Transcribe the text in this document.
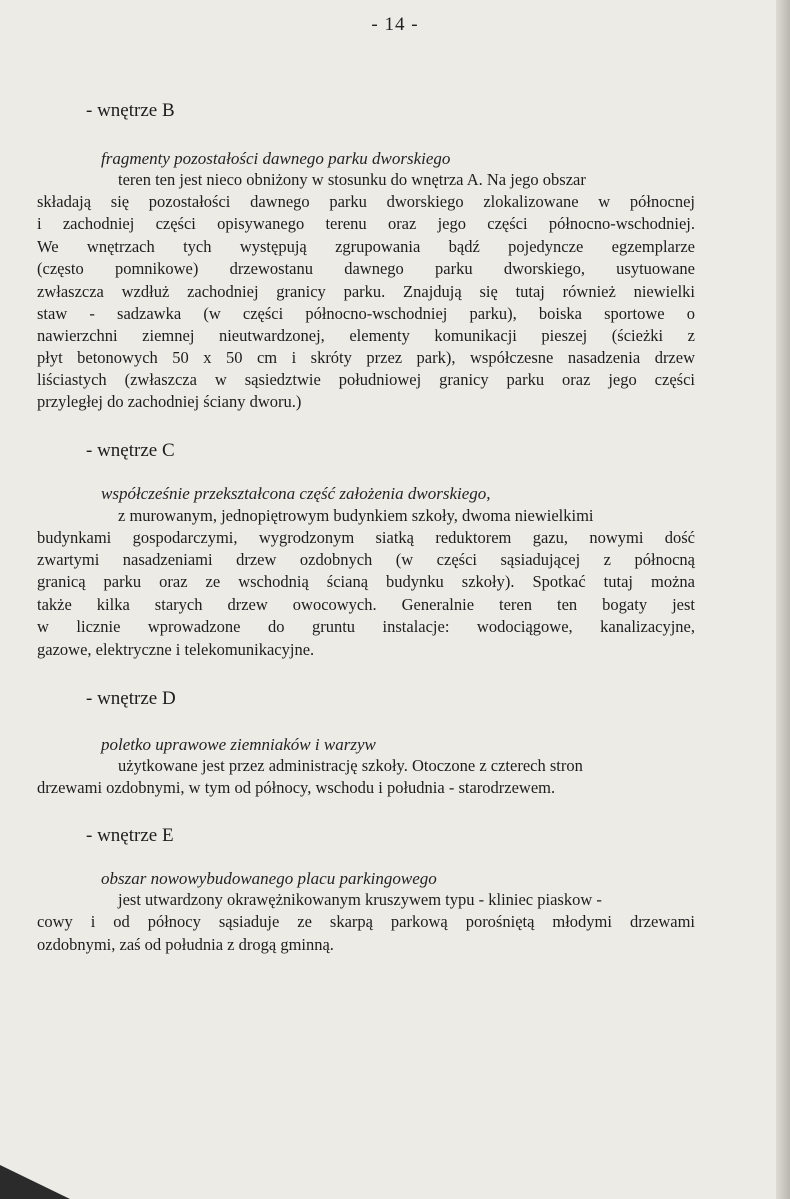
- 14 -
- wnętrze B
fragmenty pozostałości dawnego parku dworskiego
teren ten jest nieco obniżony w stosunku do wnętrza A. Na jego obszar
składają się pozostałości dawnego parku dworskiego zlokalizowane w północnej
i zachodniej części opisywanego terenu oraz jego części północno-wschodniej.
We wnętrzach tych występują zgrupowania bądź pojedyncze egzemplarze
(często pomnikowe) drzewostanu dawnego parku dworskiego, usytuowane
zwłaszcza wzdłuż zachodniej granicy parku. Znajdują się tutaj również niewielki
staw - sadzawka (w części północno-wschodniej parku), boiska sportowe o
nawierzchni ziemnej nieutwardzonej, elementy komunikacji pieszej (ścieżki z
płyt betonowych 50 x 50 cm i skróty przez park), współczesne nasadzenia drzew
liściastych (zwłaszcza w sąsiedztwie południowej granicy parku oraz jego części
przyległej do zachodniej ściany dworu.)
- wnętrze C
współcześnie przekształcona część założenia dworskiego,
z murowanym, jednopiętrowym budynkiem szkoły, dwoma niewielkimi
budynkami gospodarczymi, wygrodzonym siatką reduktorem gazu, nowymi dość
zwartymi nasadzeniami drzew ozdobnych (w części sąsiadującej z północną
granicą parku oraz ze wschodnią ścianą budynku szkoły). Spotkać tutaj można
także kilka starych drzew owocowych. Generalnie teren ten bogaty jest
w licznie wprowadzone do gruntu instalacje: wodociągowe, kanalizacyjne,
gazowe, elektryczne i telekomunikacyjne.
- wnętrze D
poletko uprawowe ziemniaków i warzyw
użytkowane jest przez administrację szkoły. Otoczone z czterech stron
drzewami ozdobnymi, w tym od północy, wschodu i południa - starodrzewem.
- wnętrze E
obszar nowowybudowanego placu parkingowego
jest utwardzony okrawężnikowanym kruszywem typu - kliniec piaskow -
cowy i od północy sąsiaduje ze skarpą parkową porośniętą młodymi drzewami
ozdobnymi, zaś od południa z drogą gminną.
